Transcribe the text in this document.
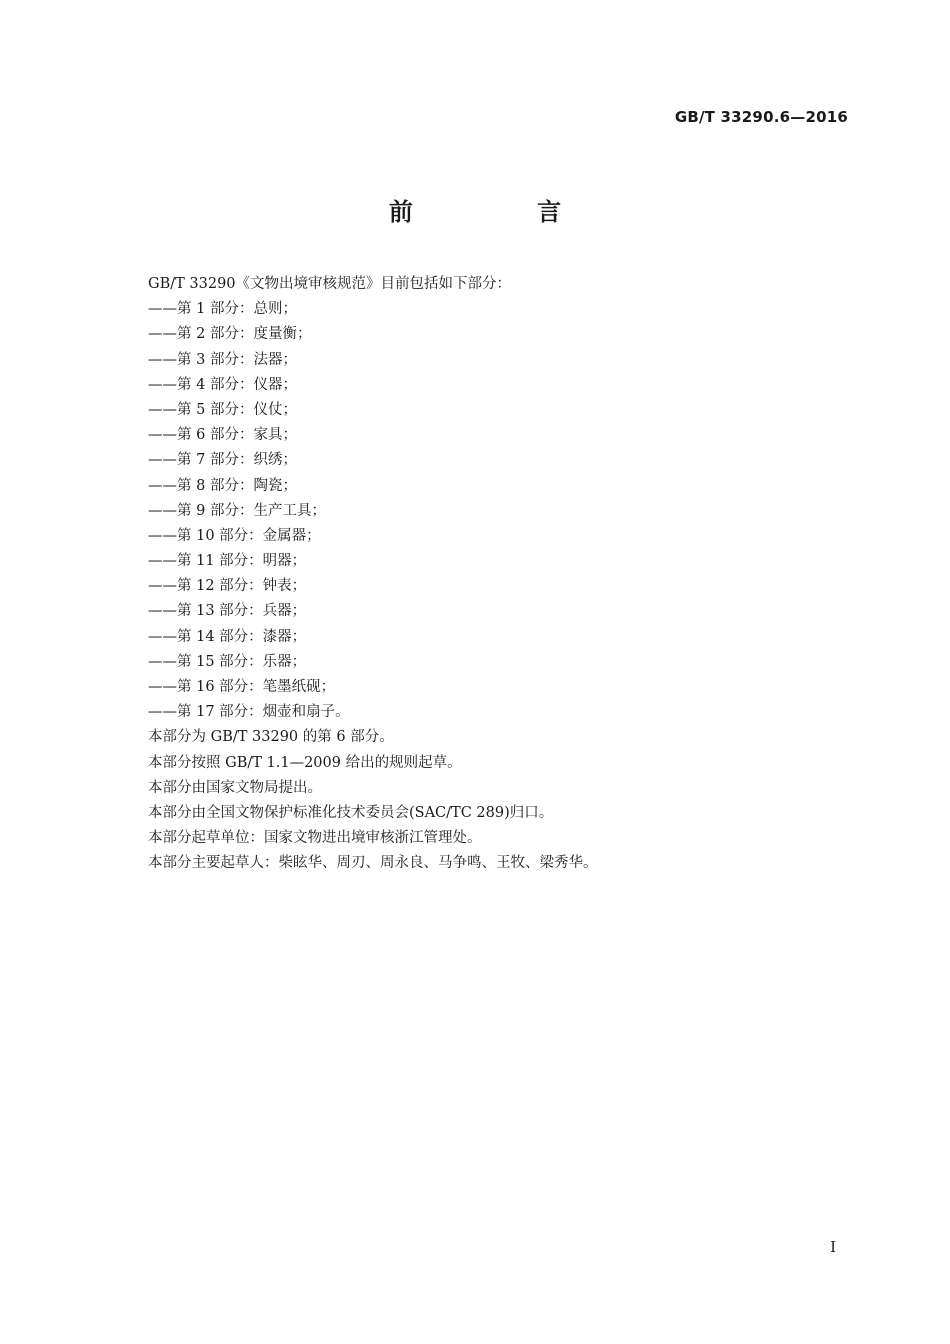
GB/T 33290.6—2016
前 言
GB/T 33290《文物出境审核规范》目前包括如下部分：
——第 1 部分：总则；
——第 2 部分：度量衡；
——第 3 部分：法器；
——第 4 部分：仪器；
——第 5 部分：仪仗；
——第 6 部分：家具；
——第 7 部分：织绣；
——第 8 部分：陶瓷；
——第 9 部分：生产工具；
——第 10 部分：金属器；
——第 11 部分：明器；
——第 12 部分：钟表；
——第 13 部分：兵器；
——第 14 部分：漆器；
——第 15 部分：乐器；
——第 16 部分：笔墨纸砚；
——第 17 部分：烟壶和扇子。
本部分为 GB/T 33290 的第 6 部分。
本部分按照 GB/T 1.1—2009 给出的规则起草。
本部分由国家文物局提出。
本部分由全国文物保护标准化技术委员会(SAC/TC 289)归口。
本部分起草单位：国家文物进出境审核浙江管理处。
本部分主要起草人：柴眩华、周刃、周永良、马争鸣、王牧、梁秀华。
I
